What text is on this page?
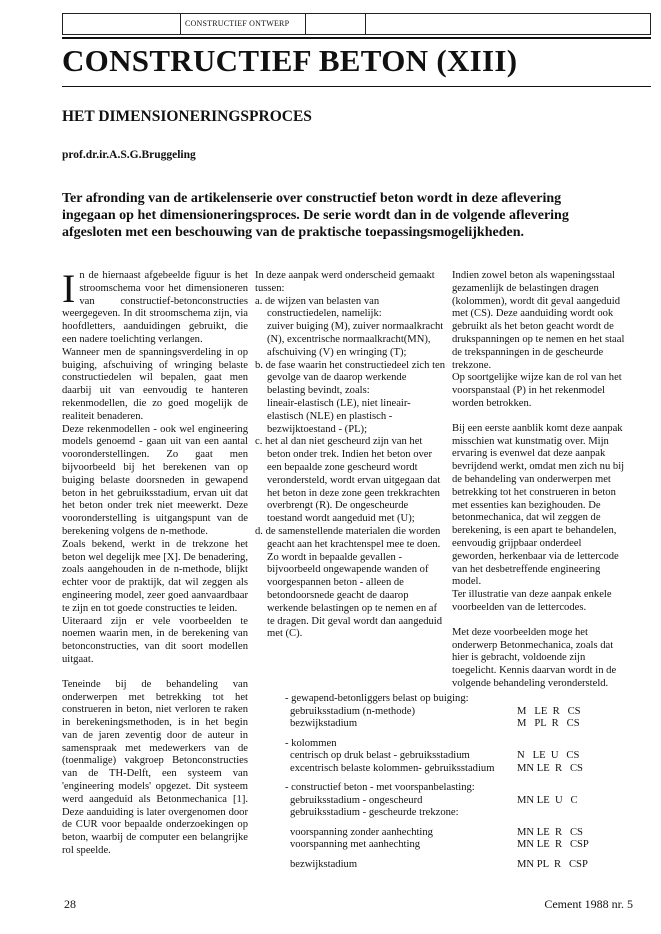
CONSTRUCTIEF ONTWERP
CONSTRUCTIEF BETON (XIII)
HET DIMENSIONERINGSPROCES
prof.dr.ir.A.S.G.Bruggeling
Ter afronding van de artikelenserie over constructief beton wordt in deze aflevering ingegaan op het dimensioneringsproces. De serie wordt dan in de volgende aflevering afgesloten met een beschouwing van de praktische toepassingsmogelijkheden.

In de hiernaast afgebeelde figuur is het stroomschema voor het dimensioneren van constructief-betonconstructies weergegeven. In dit stroomschema zijn, via hoofdletters, aanduidingen gebruikt, die een nadere toelichting verlangen.

Wanneer men de spanningsverdeling in op buiging, afschuiving of wringing belaste constructiedelen wil bepalen, gaat men daarbij uit van eenvoudig te hanteren rekenmodellen, die zo goed mogelijk de realiteit benaderen.

Deze rekenmodellen - ook wel engineering models genoemd - gaan uit van een aantal vooronderstellingen. Zo gaat men bijvoorbeeld bij het berekenen van op buiging belaste doorsneden in gewapend beton in het gebruiksstadium, ervan uit dat het beton onder trek niet meewerkt. Deze vooronderstelling is uitgangspunt van de berekening volgens de n-methode.

Zoals bekend, werkt in de trekzone het beton wel degelijk mee [X]. De benadering, zoals aangehouden in de n-methode, blijkt echter voor de praktijk, dat wil zeggen als engineering model, zeer goed aanvaardbaar te zijn en tot goede constructies te leiden.

Uiteraard zijn er vele voorbeelden te noemen waarin men, in de berekening van betonconstructies, van dit soort modellen uitgaat.

Teneinde bij de behandeling van onderwerpen met betrekking tot het construeren in beton, niet verloren te raken in berekeningsmethoden, is in het begin van de jaren zeventig door de auteur in samenspraak met medewerkers van de (toenmalige) vakgroep Betonconstructies van de TH-Delft, een systeem van 'engineering models' opgezet. Dit systeem werd aangeduid als Betonmechanica [1]. Deze aanduiding is later overgenomen door de CUR voor bepaalde onderzoekingen op beton, waarbij de computer een belangrijke rol speelde.

In deze aanpak werd onderscheid gemaakt tussen:

a. de wijzen van belasten van constructiedelen, namelijk:

zuiver buiging (M), zuiver normaalkracht (N), excentrische normaalkracht(MN), afschuiving (V) en wringing (T);

b. de fase waarin het constructiedeel zich ten gevolge van de daarop werkende belasting bevindt, zoals:

lineair-elastisch (LE), niet lineair-elastisch (NLE) en plastisch - bezwijktoestand - (PL);

c. het al dan niet gescheurd zijn van het beton onder trek. Indien het beton over een bepaalde zone gescheurd wordt verondersteld, wordt ervan uitgegaan dat het beton in deze zone geen trekkrachten overbrengt (R). De ongescheurde toestand wordt aangeduid met (U);

d. de samenstellende materialen die worden geacht aan het krachtenspel mee te doen.

Zo wordt in bepaalde gevallen - bijvoorbeeld ongewapende wanden of voorgespannen beton - alleen de betondoorsnede geacht de daarop werkende belastingen op te nemen en af te dragen. Dit geval wordt dan aangeduid met (C).

Indien zowel beton als wapeningsstaal gezamenlijk de belastingen dragen (kolommen), wordt dit geval aangeduid met (CS). Deze aanduiding wordt ook gebruikt als het beton geacht wordt de drukspanningen op te nemen en het staal de trekspanningen in de gescheurde trekzone.

Op soortgelijke wijze kan de rol van het voorspanstaal (P) in het rekenmodel worden betrokken.

Bij een eerste aanblik komt deze aanpak misschien wat kunstmatig over. Mijn ervaring is evenwel dat deze aanpak bevrijdend werkt, omdat men zich nu bij de behandeling van onderwerpen met betrekking tot het construeren in beton met essenties kan bezighouden. De betonmechanica, dat wil zeggen de berekening, is een apart te behandelen, eenvoudig grijpbaar onderdeel geworden, herkenbaar via de lettercode van het desbetreffende engineering model.

Ter illustratie van deze aanpak enkele voorbeelden van de lettercodes.

Met deze voorbeelden moge het onderwerp Betonmechanica, zoals dat hier is gebracht, voldoende zijn toegelicht. Kennis daarvan wordt in de volgende behandeling verondersteld.

- gewapend-betonliggers belast op buiging:
gebruiksstadium (n-methode)	M   LE  R   CS
bezwijkstadium	M   PL  R   CS
- kolommen
centrisch op druk belast - gebruiksstadium	N   LE  U   CS
excentrisch belaste kolommen- gebruiksstadium MN LE  R   CS
- constructief beton - met voorspanbelasting:
gebruiksstadium - ongescheurd	MN LE  U   C
gebruiksstadium - gescheurde trekzone:
voorspanning zonder aanhechting	MN LE  R   CS
voorspanning met aanhechting	MN LE  R   CSP
bezwijkstadium	MN PL  R   CSP
28	Cement 1988 nr. 5
